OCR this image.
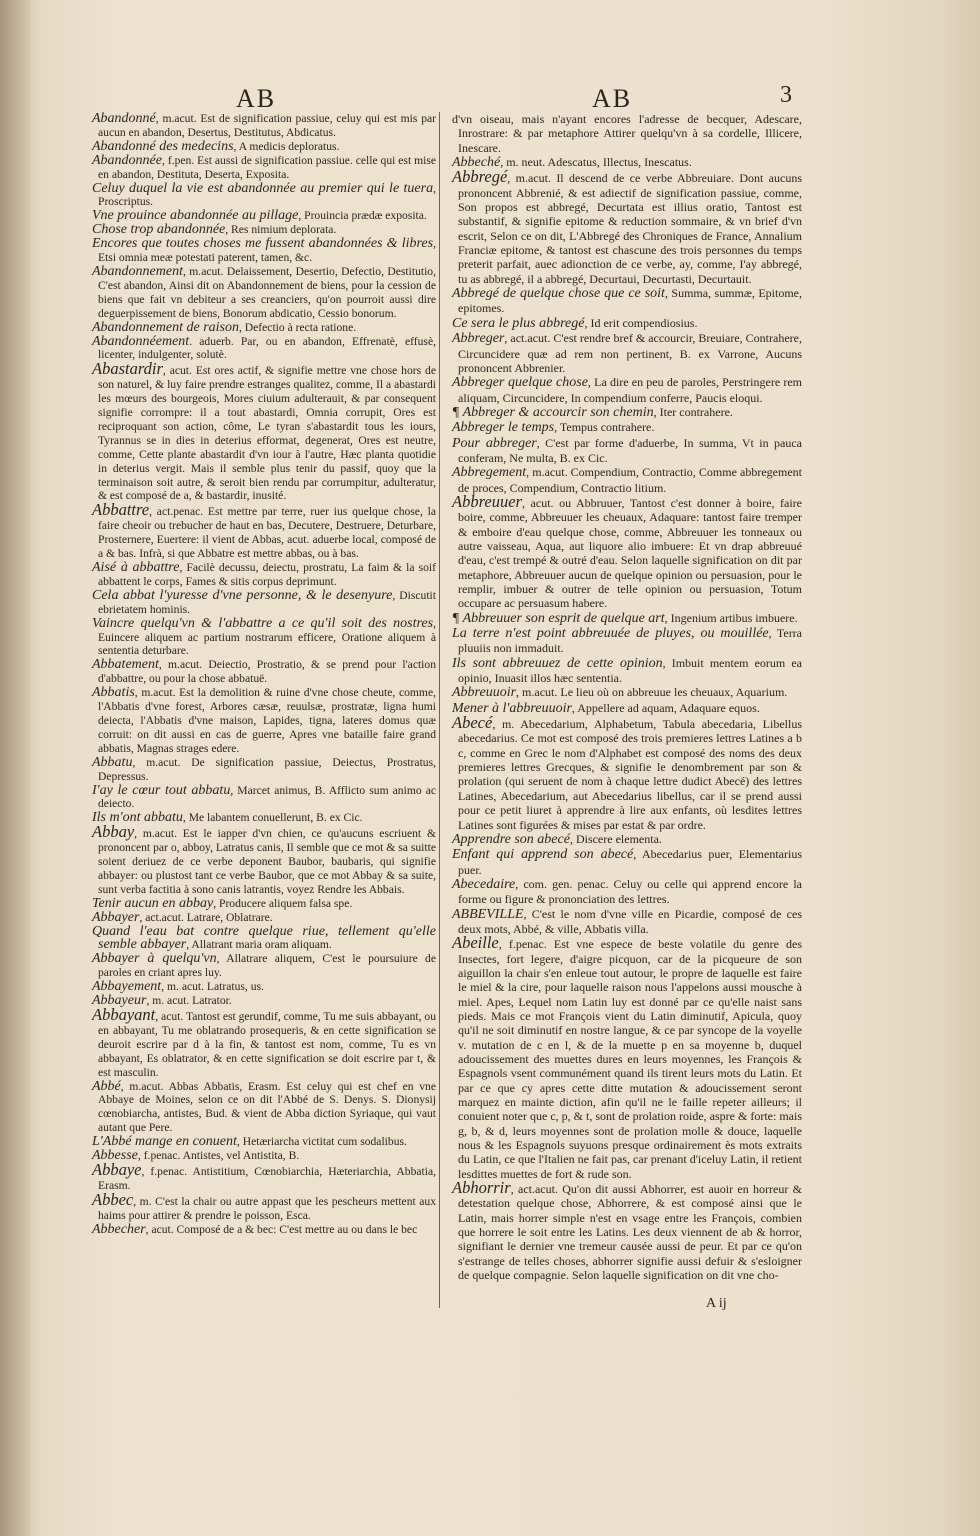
AB	AB	3

Abandonné, m.acut. Est de signification passiue, celuy qui est mis par aucun en abandon, Desertus, Destitutus, Abdicatus.

Abandonné des medecins, A medicis deploratus.

Abandonnée, f.pen. Est aussi de signification passiue. celle qui est mise en abandon, Destituta, Deserta, Exposita.

Celuy duquel la vie est abandonnée au premier qui le tuera, Proscriptus.

Vne prouince abandonnée au pillage, Prouincia prædæ exposita.

Chose trop abandonnée, Res nimium deplorata.

Encores que toutes choses me fussent abandonnées & libres, Etsi omnia meæ potestati paterent, tamen, &c.

Abandonnement, m.acut. Delaissement, Desertio, Defectio, Destitutio, C'est abandon, Ainsi dit on Abandonnement de biens, pour la cession de biens que fait vn debiteur a ses creanciers, qu'on pourroit aussi dire deguerpissement de biens, Bonorum abdicatio, Cessio bonorum.

Abandonnement de raison, Defectio à recta ratione.

Abandonnéement. aduerb. Par, ou en abandon, Effrenatè, effusè, licenter, indulgenter, solutè.

Abastardir, acut. Est ores actif, & signifie mettre vne chose hors de son naturel, & luy faire prendre estranges qualitez, comme, Il a abastardi les mœurs des bourgeois, Mores ciuium adulterauit, & par consequent signifie corrompre: il a tout abastardi, Omnia corrupit, Ores est reciproquant son action, côme, Le tyran s'abastardit tous les iours, Tyrannus se in dies in deterius efformat, degenerat, Ores est neutre, comme, Cette plante abastardit d'vn iour à l'autre, Hæc planta quotidie in deterius vergit. Mais il semble plus tenir du passif, quoy que la terminaison soit autre, & seroit bien rendu par corrumpitur, adulteratur, & est composé de a, & bastardir, inusité.

Abbattre, act.penac. Est mettre par terre, ruer ius quelque chose, la faire cheoir ou trebucher de haut en bas, Decutere, Destruere, Deturbare, Prosternere, Euertere: il vient de Abbas, acut. aduerbe local, composé de a & bas. Infrà, si que Abbatre est mettre abbas, ou à bas.

Aisé à abbattre, Facilè decussu, deiectu, prostratu, La faim & la soif abbattent le corps, Fames & sitis corpus deprimunt.

Cela abbat l'yuresse d'vne personne, & le desenyure, Discutit ebrietatem hominis.

Vaincre quelqu'vn & l'abbattre a ce qu'il soit des nostres, Euincere aliquem ac partium nostrarum efficere, Oratione aliquem à sententia deturbare.

Abbatement, m.acut. Deiectio, Prostratio, & se prend pour l'action d'abbattre, ou pour la chose abbatuë.

Abbatis, m.acut. Est la demolition & ruine d'vne chose cheute, comme, l'Abbatis d'vne forest, Arbores cæsæ, reuulsæ, prostratæ, ligna humi deiecta, l'Abbatis d'vne maison, Lapides, tigna, lateres domus quæ corruit: on dit aussi en cas de guerre, Apres vne bataille faire grand abbatis, Magnas strages edere.

Abbatu, m.acut. De signification passiue, Deiectus, Prostratus, Depressus.

I'ay le cœur tout abbatu, Marcet animus, B. Afflicto sum animo ac deiecto.

Ils m'ont abbatu, Me labantem conuellerunt, B. ex Cic.

Abbay, m.acut. Est le iapper d'vn chien, ce qu'aucuns escriuent & prononcent par o, abboy, Latratus canis, Il semble que ce mot & sa suitte soient deriuez de ce verbe deponent Baubor, baubaris, qui signifie abbayer: ou plustost tant ce verbe Baubor, que ce mot Abbay & sa suite, sunt verba factitia à sono canis latrantis, voyez Rendre les Abbais.

Tenir aucun en abbay, Producere aliquem falsa spe.

Abbayer, act.acut. Latrare, Oblatrare.

Quand l'eau bat contre quelque riue, tellement qu'elle semble abbayer, Allatrant maria oram aliquam.

Abbayer à quelqu'vn, Allatrare aliquem, C'est le poursuiure de paroles en criant apres luy.

Abbayement, m. acut. Latratus, us.

Abbayeur, m. acut. Latrator.

Abbayant, acut. Tantost est gerundif, comme, Tu me suis abbayant, ou en abbayant, Tu me oblatrando prosequeris, & en cette signification se deuroit escrire par d à la fin, & tantost est nom, comme, Tu es vn abbayant, Es oblatrator, & en cette signification se doit escrire par t, & est masculin.

Abbé, m.acut. Abbas Abbatis, Erasm. Est celuy qui est chef en vne Abbaye de Moines, selon ce on dit l'Abbé de S. Denys. S. Dionysij cœnobiarcha, antistes, Bud. & vient de Abba diction Syriaque, qui vaut autant que Pere.

L'Abbé mange en conuent, Hetæriarcha victitat cum sodalibus.

Abbesse, f.penac. Antistes, vel Antistita, B.

Abbaye, f.penac. Antistitium, Cœnobiarchia, Hæteriarchia, Abbatia, Erasm.

Abbec, m. C'est la chair ou autre appast que les pescheurs mettent aux haims pour attirer & prendre le poisson, Esca.

Abbecher, acut. Composé de a & bec: C'est mettre au ou dans le bec

d'vn oiseau, mais n'ayant encores l'adresse de becquer, Adescare, Inrostrare: & par metaphore Attirer quelqu'vn à sa cordelle, Illicere, Inescare.

Abbeché, m. neut. Adescatus, Illectus, Inescatus.

Abbregé, m.acut. Il descend de ce verbe Abbreuiare. Dont aucuns prononcent Abbrenié, & est adiectif de signification passiue, comme, Son propos est abbregé, Decurtata est illius oratio, Tantost est substantif, & signifie epitome & reduction sommaire, & vn brief d'vn escrit, Selon ce on dit, L'Abbregé des Chroniques de France, Annalium Franciæ epitome, & tantost est chascune des trois personnes du temps preterit parfait, auec adionction de ce verbe, ay, comme, I'ay abbregé, tu as abbregé, il a abbregé, Decurtaui, Decurtasti, Decurtauit.

Abbregé de quelque chose que ce soit, Summa, summæ, Epitome, epitomes.

Ce sera le plus abbregé, Id erit compendiosius.

Abbreger, act.acut. C'est rendre bref & accourcir, Breuiare, Contrahere, Circuncidere quæ ad rem non pertinent, B. ex Varrone, Aucuns prononcent Abbrenier.

Abbreger quelque chose, La dire en peu de paroles, Perstringere rem aliquam, Circuncidere, In compendium conferre, Paucis eloqui.

¶ Abbreger & accourcir son chemin, Iter contrahere.

Abbreger le temps, Tempus contrahere.

Pour abbreger, C'est par forme d'aduerbe, In summa, Vt in pauca conferam, Ne multa, B. ex Cic.

Abbregement, m.acut. Compendium, Contractio, Comme abbregement de proces, Compendium, Contractio litium.

Abbreuuer, acut. ou Abbruuer, Tantost c'est donner à boire, faire boire, comme, Abbreuuer les cheuaux, Adaquare: tantost faire tremper & emboire d'eau quelque chose, comme, Abbreuuer les tonneaux ou autre vaisseau, Aqua, aut liquore alio imbuere: Et vn drap abbreuué d'eau, c'est trempé & outré d'eau. Selon laquelle signification on dit par metaphore, Abbreuuer aucun de quelque opinion ou persuasion, pour le remplir, imbuer & outrer de telle opinion ou persuasion, Totum occupare ac persuasum habere.

¶ Abbreuuer son esprit de quelque art, Ingenium artibus imbuere.

La terre n'est point abbreuuée de pluyes, ou mouillée, Terra pluuiis non immaduit.

Ils sont abbreuuez de cette opinion, Imbuit mentem eorum ea opinio, Inuasit illos hæc sententia.

Abbreuuoir, m.acut. Le lieu où on abbreuue les cheuaux, Aquarium.

Mener à l'abbreuuoir, Appellere ad aquam, Adaquare equos.

Abecé, m. Abecedarium, Alphabetum, Tabula abecedaria, Libellus abecedarius. Ce mot est composé des trois premieres lettres Latines a b c, comme en Grec le nom d'Alphabet est composé des noms des deux premieres lettres Grecques, & signifie le denombrement par son & prolation (qui seruent de nom à chaque lettre dudict Abecé) des lettres Latines, Abecedarium, aut Abecedarius libellus, car il se prend aussi pour ce petit liuret à apprendre à lire aux enfants, où lesdites lettres Latines sont figurées & mises par estat & par ordre.

Apprendre son abecé, Discere elementa.

Enfant qui apprend son abecé, Abecedarius puer, Elementarius puer.

Abecedaire, com. gen. penac. Celuy ou celle qui apprend encore la forme ou figure & prononciation des lettres.

ABBEVILLE, C'est le nom d'vne ville en Picardie, composé de ces deux mots, Abbé, & ville, Abbatis villa.

Abeille, f.penac. Est vne espece de beste volatile du genre des Insectes, fort legere, d'aigre picquon, car de la picqueure de son aiguillon la chair s'en enleue tout autour, le propre de laquelle est faire le miel & la cire, pour laquelle raison nous l'appelons aussi mousche à miel. Apes, Lequel nom Latin luy est donné par ce qu'elle naist sans pieds. Mais ce mot François vient du Latin diminutif, Apicula, quoy qu'il ne soit diminutif en nostre langue, & ce par syncope de la voyelle v. mutation de c en l, & de la muette p en sa moyenne b, duquel adoucissement des muettes dures en leurs moyennes, les François & Espagnols vsent communément quand ils tirent leurs mots du Latin. Et par ce que cy apres cette ditte mutation & adoucissement seront marquez en mainte diction, afin qu'il ne le faille repeter ailleurs; il conuient noter que c, p, & t, sont de prolation roide, aspre & forte: mais g, b, & d, leurs moyennes sont de prolation molle & douce, laquelle nous & les Espagnols suyuons presque ordinairement ès mots extraits du Latin, ce que l'Italien ne fait pas, car prenant d'iceluy Latin, il retient lesdittes muettes de fort & rude son.

Abhorrir, act.acut. Qu'on dit aussi Abhorrer, est auoir en horreur & detestation quelque chose, Abhorrere, & est composé ainsi que le Latin, mais horrer simple n'est en vsage entre les François, combien que horrere le soit entre les Latins. Les deux viennent de ab & horror, signifiant le dernier vne tremeur causée aussi de peur. Et par ce qu'on s'estrange de telles choses, abhorrer signifie aussi defuir & s'esloigner de quelque compagnie. Selon laquelle signification on dit vne cho-

A ij
